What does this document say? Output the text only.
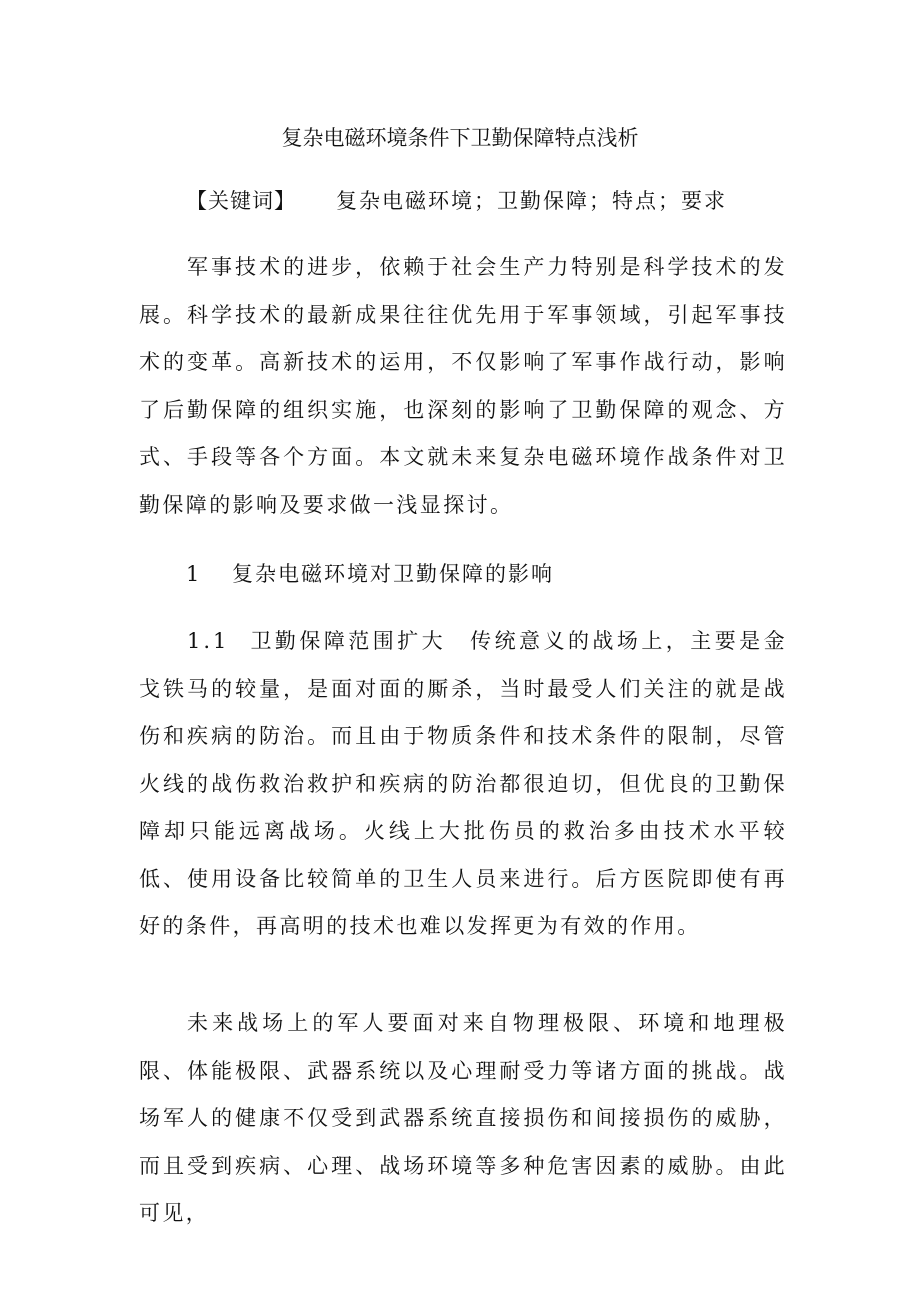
复杂电磁环境条件下卫勤保障特点浅析
【关键词】 复杂电磁环境；卫勤保障；特点；要求

军事技术的进步，依赖于社会生产力特别是科学技术的发展。科学技术的最新成果往往优先用于军事领域，引起军事技术的变革。高新技术的运用，不仅影响了军事作战行动，影响了后勤保障的组织实施，也深刻的影响了卫勤保障的观念、方式、手段等各个方面。本文就未来复杂电磁环境作战条件对卫勤保障的影响及要求做一浅显探讨。

1 复杂电磁环境对卫勤保障的影响

1.1 卫勤保障范围扩大 传统意义的战场上，主要是金戈铁马的较量，是面对面的厮杀，当时最受人们关注的就是战伤和疾病的防治。而且由于物质条件和技术条件的限制，尽管火线的战伤救治救护和疾病的防治都很迫切，但优良的卫勤保障却只能远离战场。火线上大批伤员的救治多由技术水平较低、使用设备比较简单的卫生人员来进行。后方医院即使有再好的条件，再高明的技术也难以发挥更为有效的作用。

未来战场上的军人要面对来自物理极限、环境和地理极限、体能极限、武器系统以及心理耐受力等诸方面的挑战。战场军人的健康不仅受到武器系统直接损伤和间接损伤的威胁，而且受到疾病、心理、战场环境等多种危害因素的威胁。由此可见，
